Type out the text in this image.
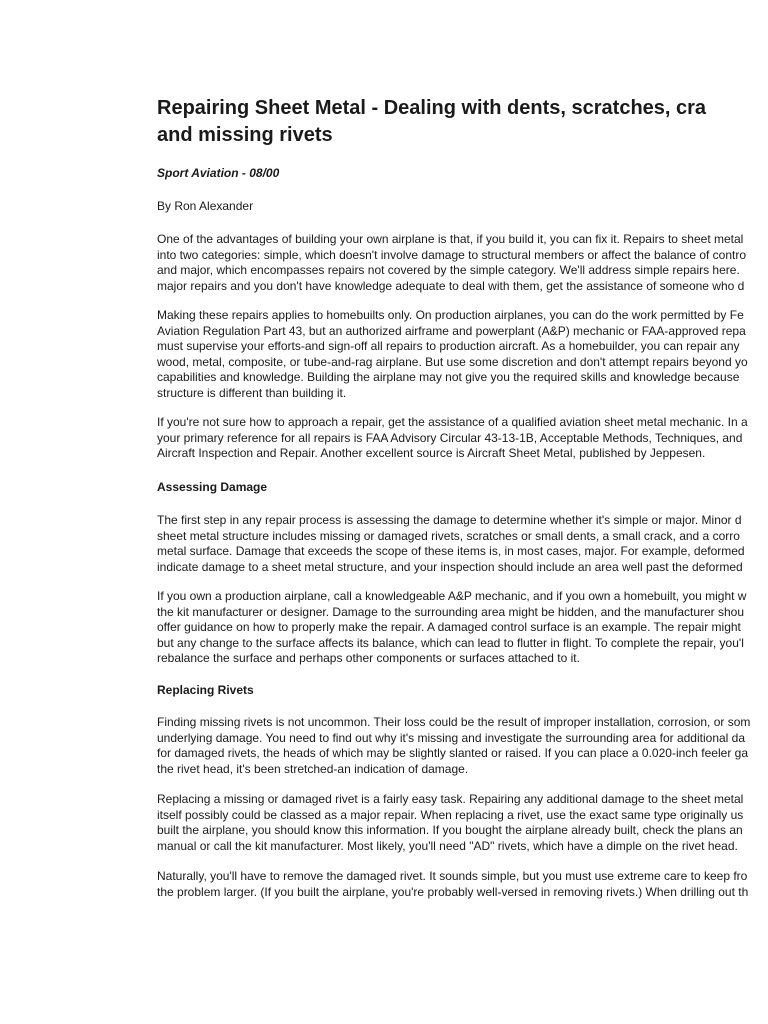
Repairing Sheet Metal - Dealing with dents, scratches, cra
and missing rivets

Sport Aviation - 08/00

By Ron Alexander

One of the advantages of building your own airplane is that, if you build it, you can fix it. Repairs to sheet metal
into two categories: simple, which doesn't involve damage to structural members or affect the balance of contro
and major, which encompasses repairs not covered by the simple category. We'll address simple repairs here.
major repairs and you don't have knowledge adequate to deal with them, get the assistance of someone who d
Making these repairs applies to homebuilts only. On production airplanes, you can do the work permitted by Fe
Aviation Regulation Part 43, but an authorized airframe and powerplant (A&P) mechanic or FAA-approved repa
must supervise your efforts-and sign-off all repairs to production aircraft. As a homebuilder, you can repair any
wood, metal, composite, or tube-and-rag airplane. But use some discretion and don't attempt repairs beyond yo
capabilities and knowledge. Building the airplane may not give you the required skills and knowledge because
structure is different than building it.
If you're not sure how to approach a repair, get the assistance of a qualified aviation sheet metal mechanic. In a
your primary reference for all repairs is FAA Advisory Circular 43-13-1B, Acceptable Methods, Techniques, and
Aircraft Inspection and Repair. Another excellent source is Aircraft Sheet Metal, published by Jeppesen.

Assessing Damage

The first step in any repair process is assessing the damage to determine whether it's simple or major. Minor d
sheet metal structure includes missing or damaged rivets, scratches or small dents, a small crack, and a corro
metal surface. Damage that exceeds the scope of these items is, in most cases, major. For example, deformed
indicate damage to a sheet metal structure, and your inspection should include an area well past the deformed
If you own a production airplane, call a knowledgeable A&P mechanic, and if you own a homebuilt, you might w
the kit manufacturer or designer. Damage to the surrounding area might be hidden, and the manufacturer shou
offer guidance on how to properly make the repair. A damaged control surface is an example. The repair might
but any change to the surface affects its balance, which can lead to flutter in flight. To complete the repair, you'l
rebalance the surface and perhaps other components or surfaces attached to it.

Replacing Rivets

Finding missing rivets is not uncommon. Their loss could be the result of improper installation, corrosion, or som
underlying damage. You need to find out why it's missing and investigate the surrounding area for additional da
for damaged rivets, the heads of which may be slightly slanted or raised. If you can place a 0.020-inch feeler ga
the rivet head, it's been stretched-an indication of damage.
Replacing a missing or damaged rivet is a fairly easy task. Repairing any additional damage to the sheet metal
itself possibly could be classed as a major repair. When replacing a rivet, use the exact same type originally us
built the airplane, you should know this information. If you bought the airplane already built, check the plans an
manual or call the kit manufacturer. Most likely, you'll need "AD" rivets, which have a dimple on the rivet head.
Naturally, you'll have to remove the damaged rivet. It sounds simple, but you must use extreme care to keep fro
the problem larger. (If you built the airplane, you're probably well-versed in removing rivets.) When drilling out th
